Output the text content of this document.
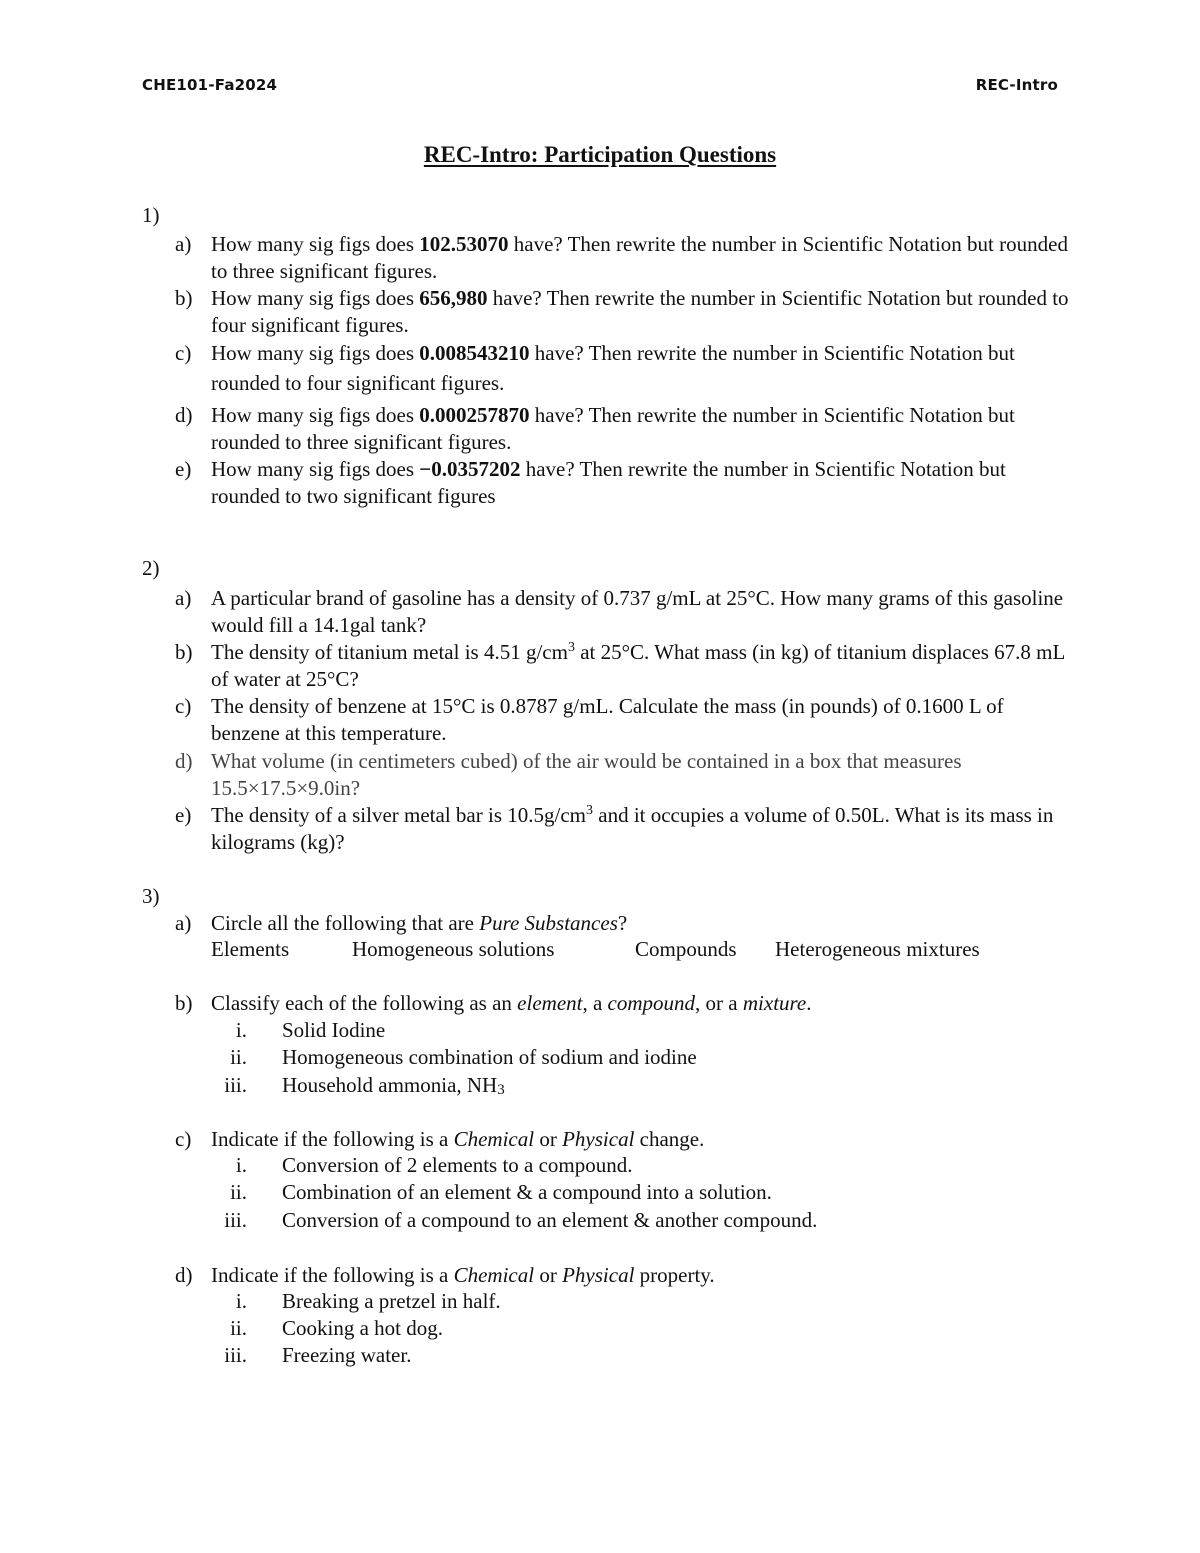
CHE101-Fa2024	REC-Intro
REC-Intro: Participation Questions
1)
a) How many sig figs does 102.53070 have? Then rewrite the number in Scientific Notation but rounded to three significant figures.
b) How many sig figs does 656,980 have? Then rewrite the number in Scientific Notation but rounded to four significant figures.
c) How many sig figs does 0.008543210 have? Then rewrite the number in Scientific Notation but rounded to four significant figures.
d) How many sig figs does 0.000257870 have? Then rewrite the number in Scientific Notation but rounded to three significant figures.
e) How many sig figs does −0.0357202 have? Then rewrite the number in Scientific Notation but rounded to two significant figures
2)
a) A particular brand of gasoline has a density of 0.737 g/mL at 25°C. How many grams of this gasoline would fill a 14.1gal tank?
b) The density of titanium metal is 4.51 $g/cm^3$ at 25°C. What mass (in kg) of titanium displaces 67.8 mL of water at 25°C?
c) The density of benzene at 15°C is 0.8787 g/mL. Calculate the mass (in pounds) of 0.1600 L of benzene at this temperature.
d) What volume (in centimeters cubed) of the air would be contained in a box that measures 15.5×17.5×9.0in?
e) The density of a silver metal bar is $10.5g/cm^3$ and it occupies a volume of 0.50L. What is its mass in kilograms (kg)?
3)
a) Circle all the following that are Pure Substances?
Elements	Homogeneous solutions	Compounds Heterogeneous mixtures
b) Classify each of the following as an element, a compound, or a mixture.
i. Solid Iodine
ii. Homogeneous combination of sodium and iodine
iii. Household ammonia, $NH_3$
c) Indicate if the following is a Chemical or Physical change.
i. Conversion of 2 elements to a compound.
ii. Combination of an element & a compound into a solution.
iii. Conversion of a compound to an element & another compound.
d) Indicate if the following is a Chemical or Physical property.
i. Breaking a pretzel in half.
ii. Cooking a hot dog.
iii. Freezing water.
